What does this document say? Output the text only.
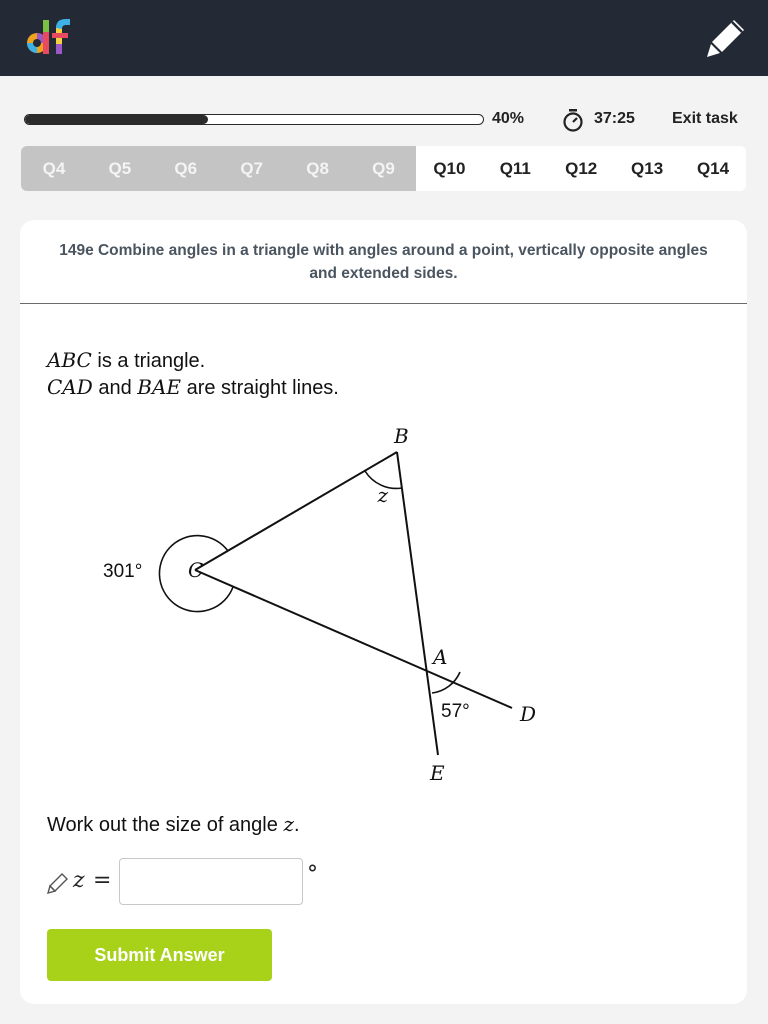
40%	37:25 Exit task
Q4	Q5	Q6	Q7	Q8	Q9	Q10	Q11	Q12	Q13	Q14
149e Combine angles in a triangle with angles around a point, vertically opposite angles and extended sides.
ABC is a triangle.
CAD and BAE are straight lines.
B
C
A
D
E
z
301°
57°
Work out the size of angle z.
z =	°
Submit Answer
